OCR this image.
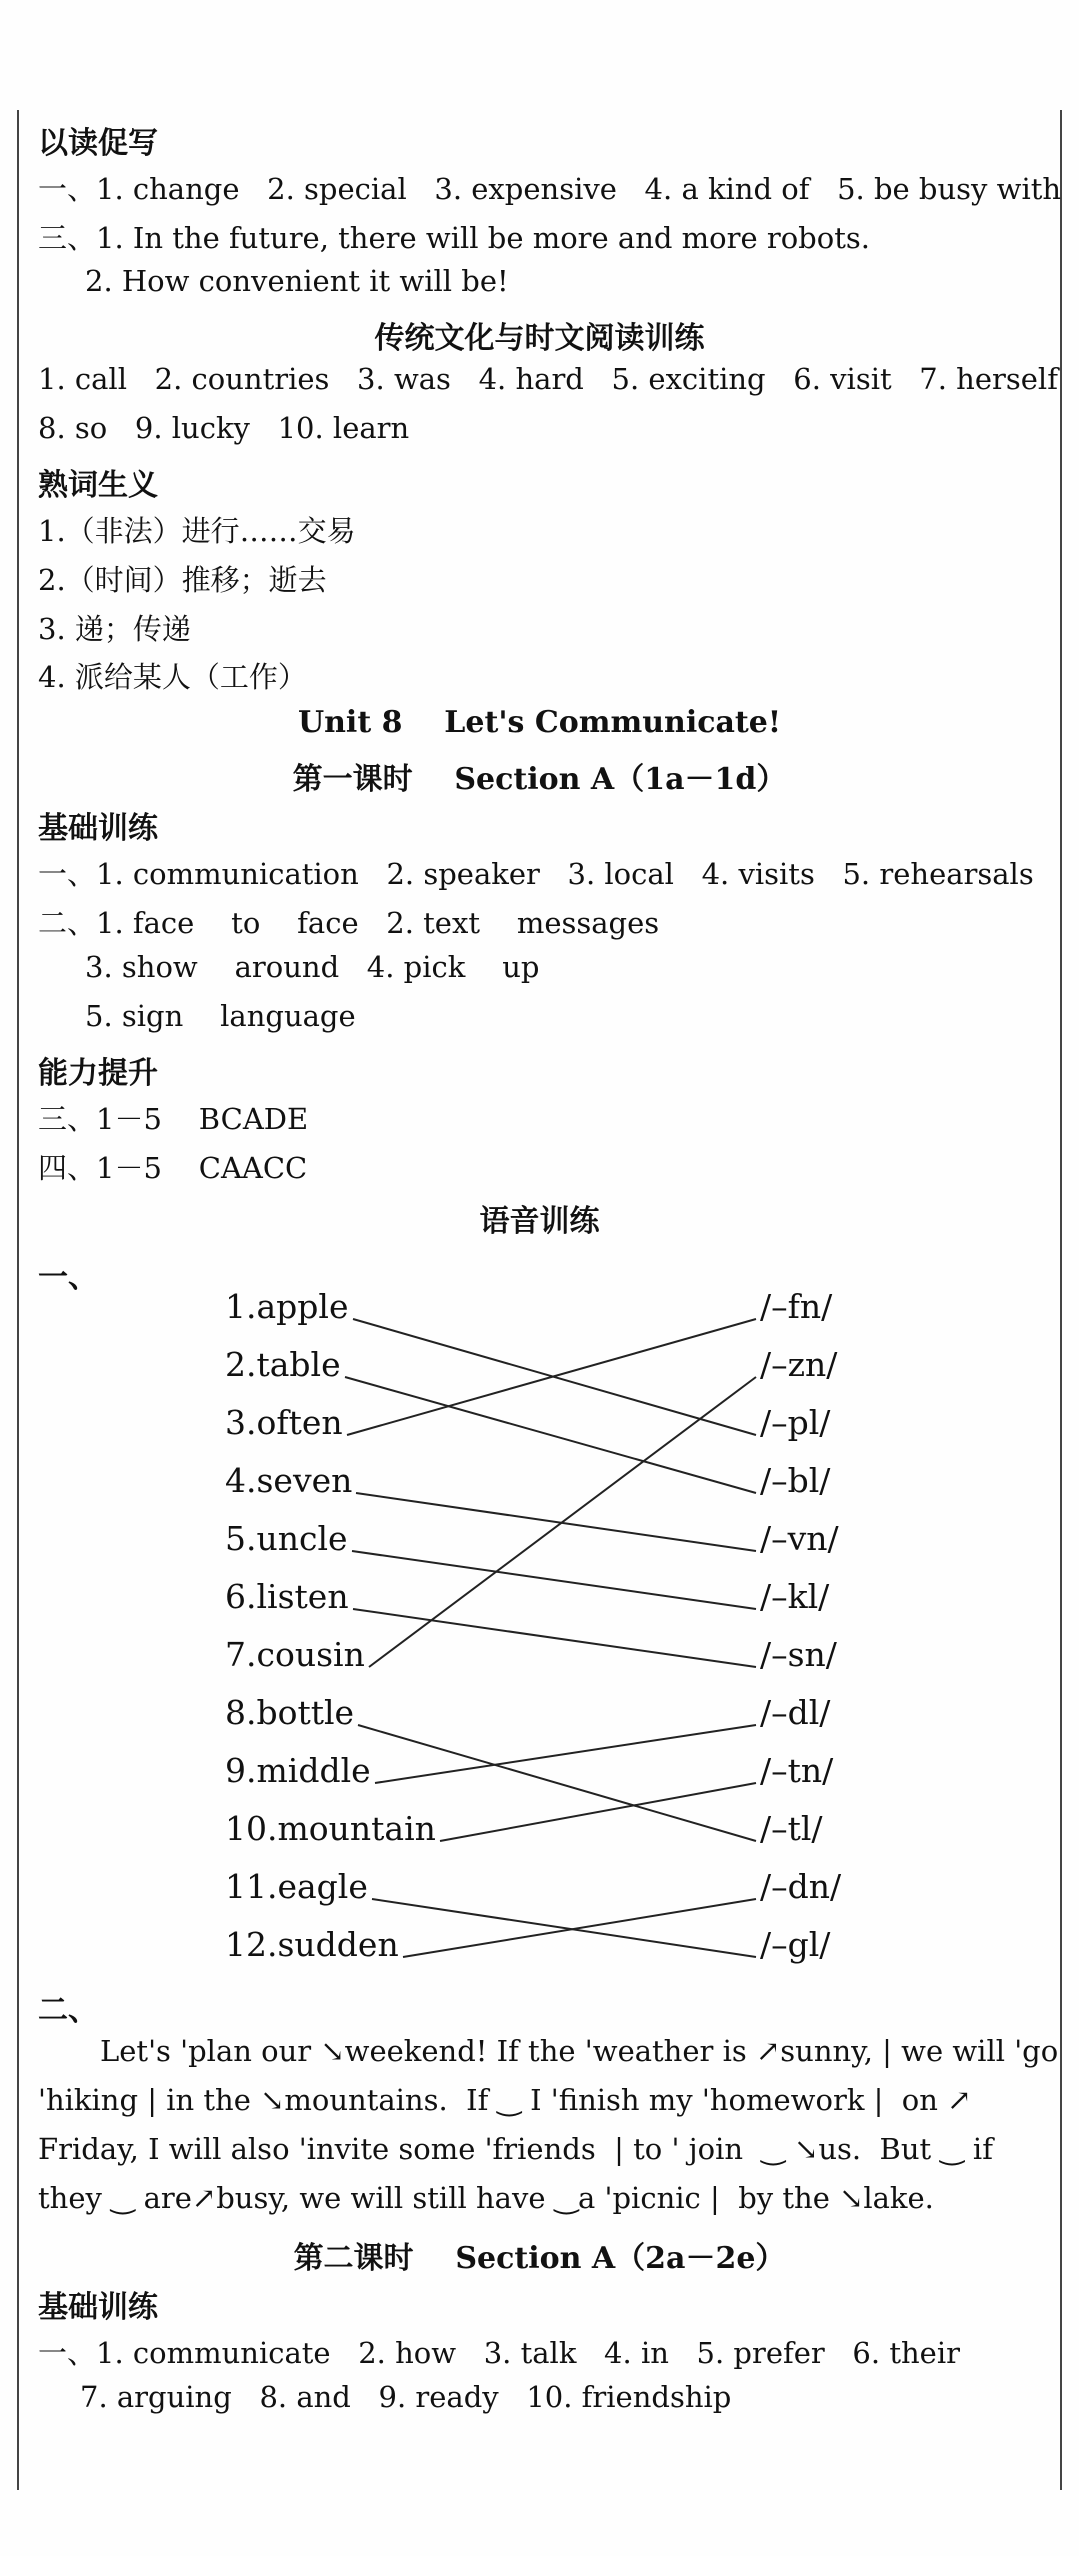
以读促写
一、1. change   2. special   3. expensive   4. a kind of   5. be busy with
三、1. In the future, there will be more and more robots.
2. How convenient it will be!
传统文化与时文阅读训练
1. call   2. countries   3. was   4. hard   5. exciting   6. visit   7. herself
8. so   9. lucky   10. learn
熟词生义
1.（非法）进行……交易
2.（时间）推移；逝去
3. 递；传递
4. 派给某人（工作）
Unit 8    Let's Communicate!
第一课时    Section A（1a－1d）
基础训练
一、1. communication   2. speaker   3. local   4. visits   5. rehearsals
二、1. face    to    face   2. text    messages
3. show    around   4. pick    up
5. sign    language
能力提升
三、1－5    BCADE
四、1－5    CAACC
语音训练
一、
1.apple
2.table
3.often
4.seven
5.uncle
6.listen
7.cousin
8.bottle
9.middle
10.mountain
11.eagle
12.sudden
/–fn/
/–zn/
/–pl/
/–bl/
/–vn/
/–kl/
/–sn/
/–dl/
/–tn/
/–tl/
/–dn/
/–gl/
二、
Let's 'plan our ↘weekend! If the 'weather is ↗sunny, | we will 'go
'hiking | in the ↘mountains.  If ‿ I 'finish my 'homework |  on ↗
Friday, I will also 'invite some 'friends  | to ' join  ‿ ↘us.  But ‿ if
they ‿ are↗busy, we will still have ‿a 'picnic |  by the ↘lake.
第二课时    Section A（2a－2e）
基础训练
一、1. communicate   2. how   3. talk   4. in   5. prefer   6. their
7. arguing   8. and   9. ready   10. friendship
